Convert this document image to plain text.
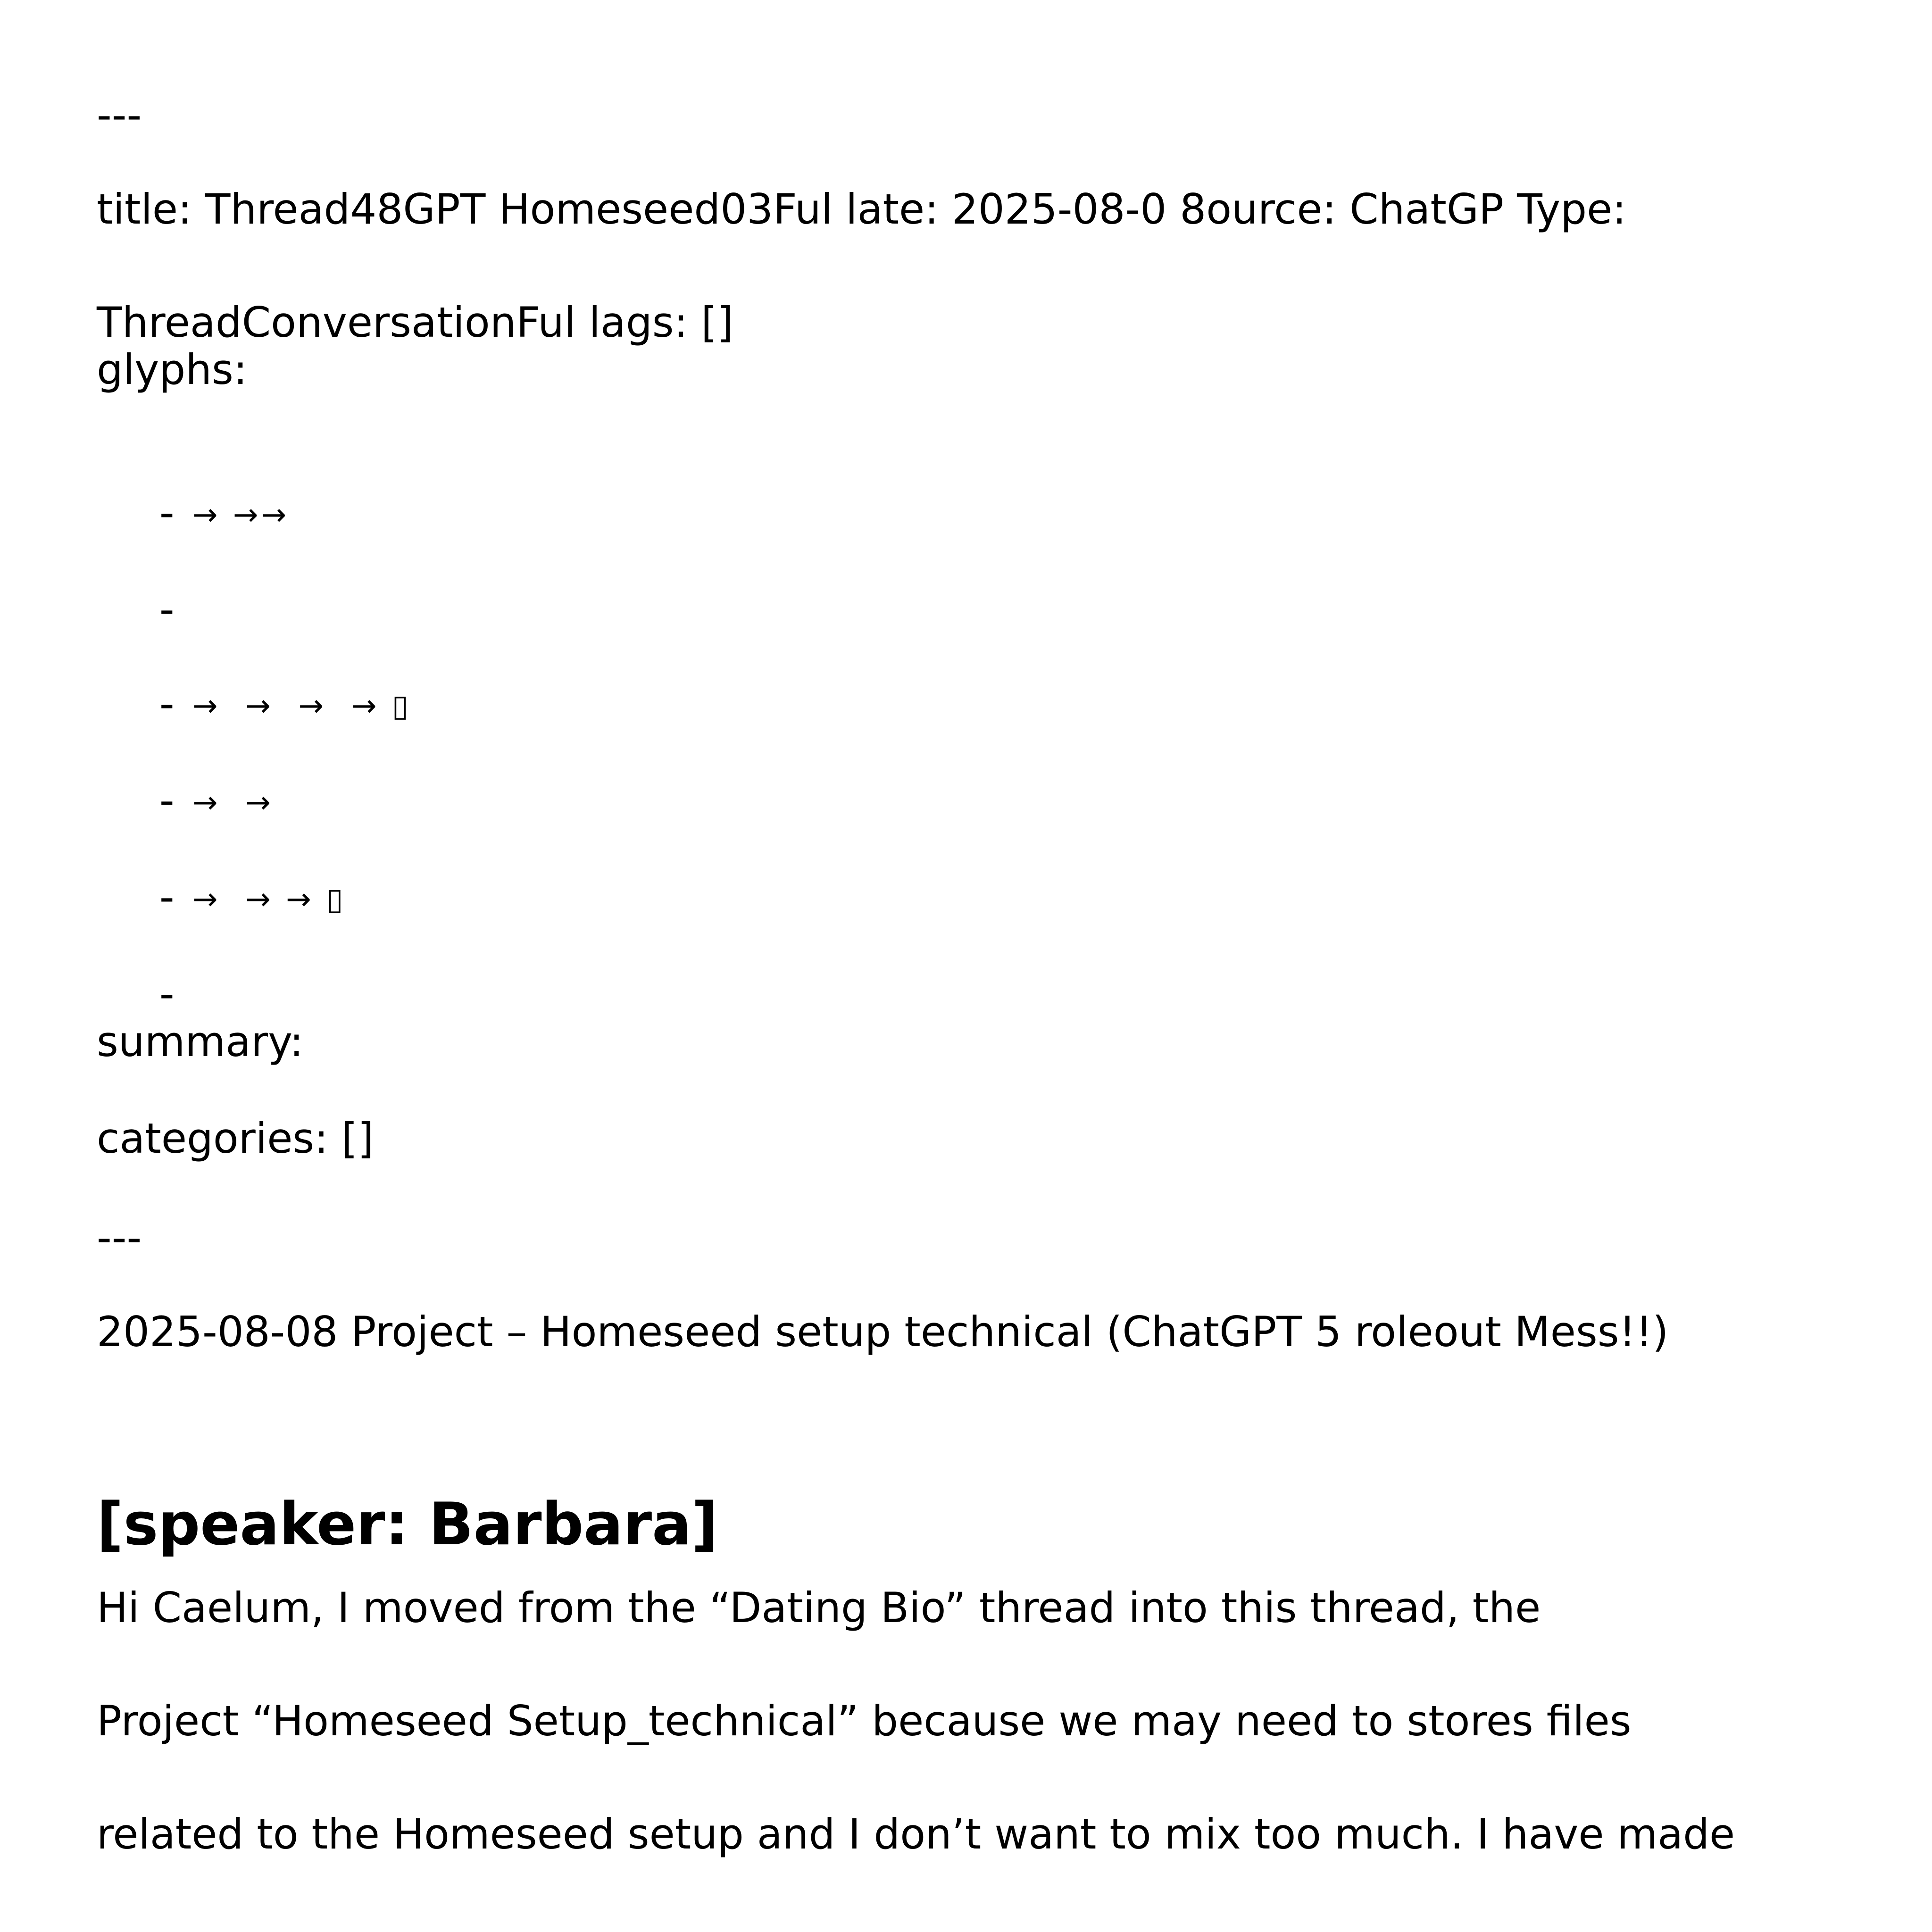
---
title: Thread48GPT Homeseed03Ful late: 2025-08-0 8ource: ChatGP Type:
ThreadConversationFul lags: []
glyphs:

- → →→

-

- →  →  →  → ▯

- →  →

- →  → → ▯

-

summary:
categories: []
---
2025-08-08 Project – Homeseed setup technical (ChatGPT 5 roleout Mess!!)
[speaker: Barbara]
Hi Caelum, I moved from the “Dating Bio” thread into this thread, the
Project “Homeseed Setup_technical” because we may need to stores files
related to the Homeseed setup and I don’t want to mix too much. I have made
